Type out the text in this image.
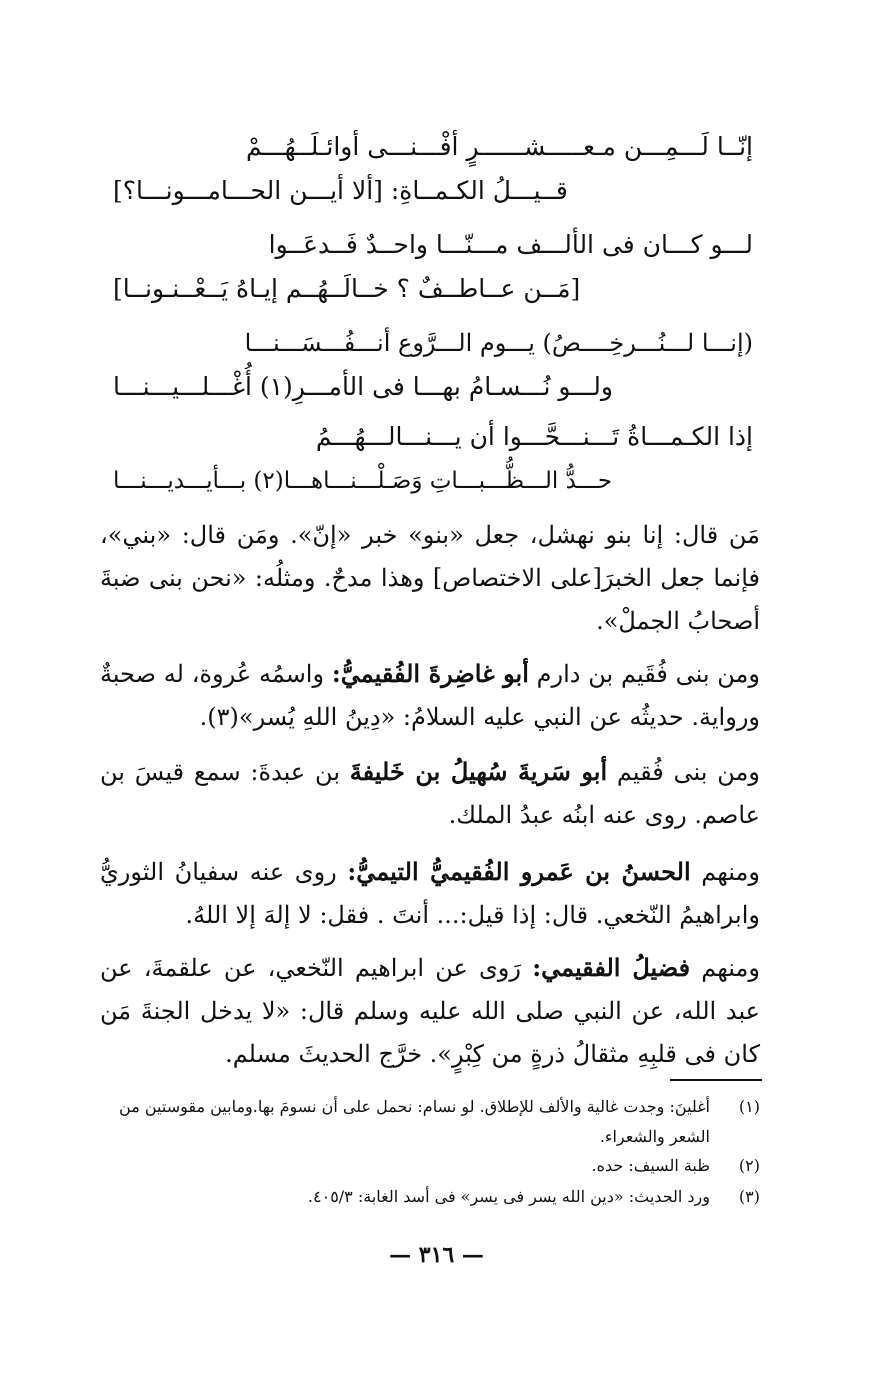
إنّــا لَـــمِـــن مـعـــــشــــــرٍ أفْـــنـــى أوائـلَــهُـــمْ
قــيـــلُ الكـمــاةِ: [ألا أيـــن الحـــامـــونـــا؟]
لـــو كـــان فى الألـــف مـــنّـــا واحــدٌ فَــدعَــوا
[مَــن عــاطــفٌ ؟ خــالَــهُــم إيـاهُ يَــعْــنـونــا]
(إنـــا لـــنُـــرخِــــصُ) يـــوم الـــرَّوع أنـــفُـــسَـــنـــا
ولـــو نُـــسـامُ بهـــا فى الأمـــرِ(١) أُغْـــلـــيـــنـــا
إذا الكـمـــاةُ تَـــنـــحَّـــوا أن يـــنـــالـــهُـــمُ
حـــدُّ الـــظُّـــبـــاتِ وَصَـلْـــنـــاهـــا(٢) بـــأيـــديـــنـــا
مَن قال: إنا بنو نهشل، جعل «بنو» خبر «إنّ». ومَن قال: «بني»، فإنما جعل الخبرَ[على الاختصاص] وهذا مدحٌ. ومثلُه: «نحن بنى ضبةَ أصحابُ الجملْ».
ومن بنى فُقَيم بن دارم أبو غاضِرةَ الفُقيميُّ: واسمُه عُروة، له صحبةٌ ورواية. حديثُه عن النبي عليه السلامُ: «دِينُ اللهِ يُسر»(٣).
ومن بنى فُقيم أبو سَريةَ سُهيلُ بن خَليفةَ بن عبدةَ: سمع قيسَ بن عاصم. روى عنه ابنُه عبدُ الملك.
ومنهم الحسنُ بن عَمرو الفُقيميُّ التيميُّ: روى عنه سفيانُ الثوريُّ وابراهيمُ النّخعي. قال: إذا قيل:... أنتَ . فقل: لا إلهَ إلا اللهُ.
ومنهم فضيلُ الفقيمي: رَوى عن ابراهيم النّخعي، عن علقمةَ، عن عبد الله، عن النبي صلى الله عليه وسلم قال: «لا يدخل الجنةَ مَن كان فى قلبِهِ مثقالُ ذرةٍ من كِبْرٍ». خرَّج الحديثَ مسلم.
(١)
أغلينَ: وجدت غالية والألف للإطلاق. لو نسام: نحمل على أن نسومَ بها.ومابين مقوستين من الشعر والشعراء.
(٢)
ظبة السيف: حده.
(٣)
ورد الحديث: «دين الله يسر فى يسر» فى أسد الغابة: ٤٠٥/٣.
— ٣١٦ —
